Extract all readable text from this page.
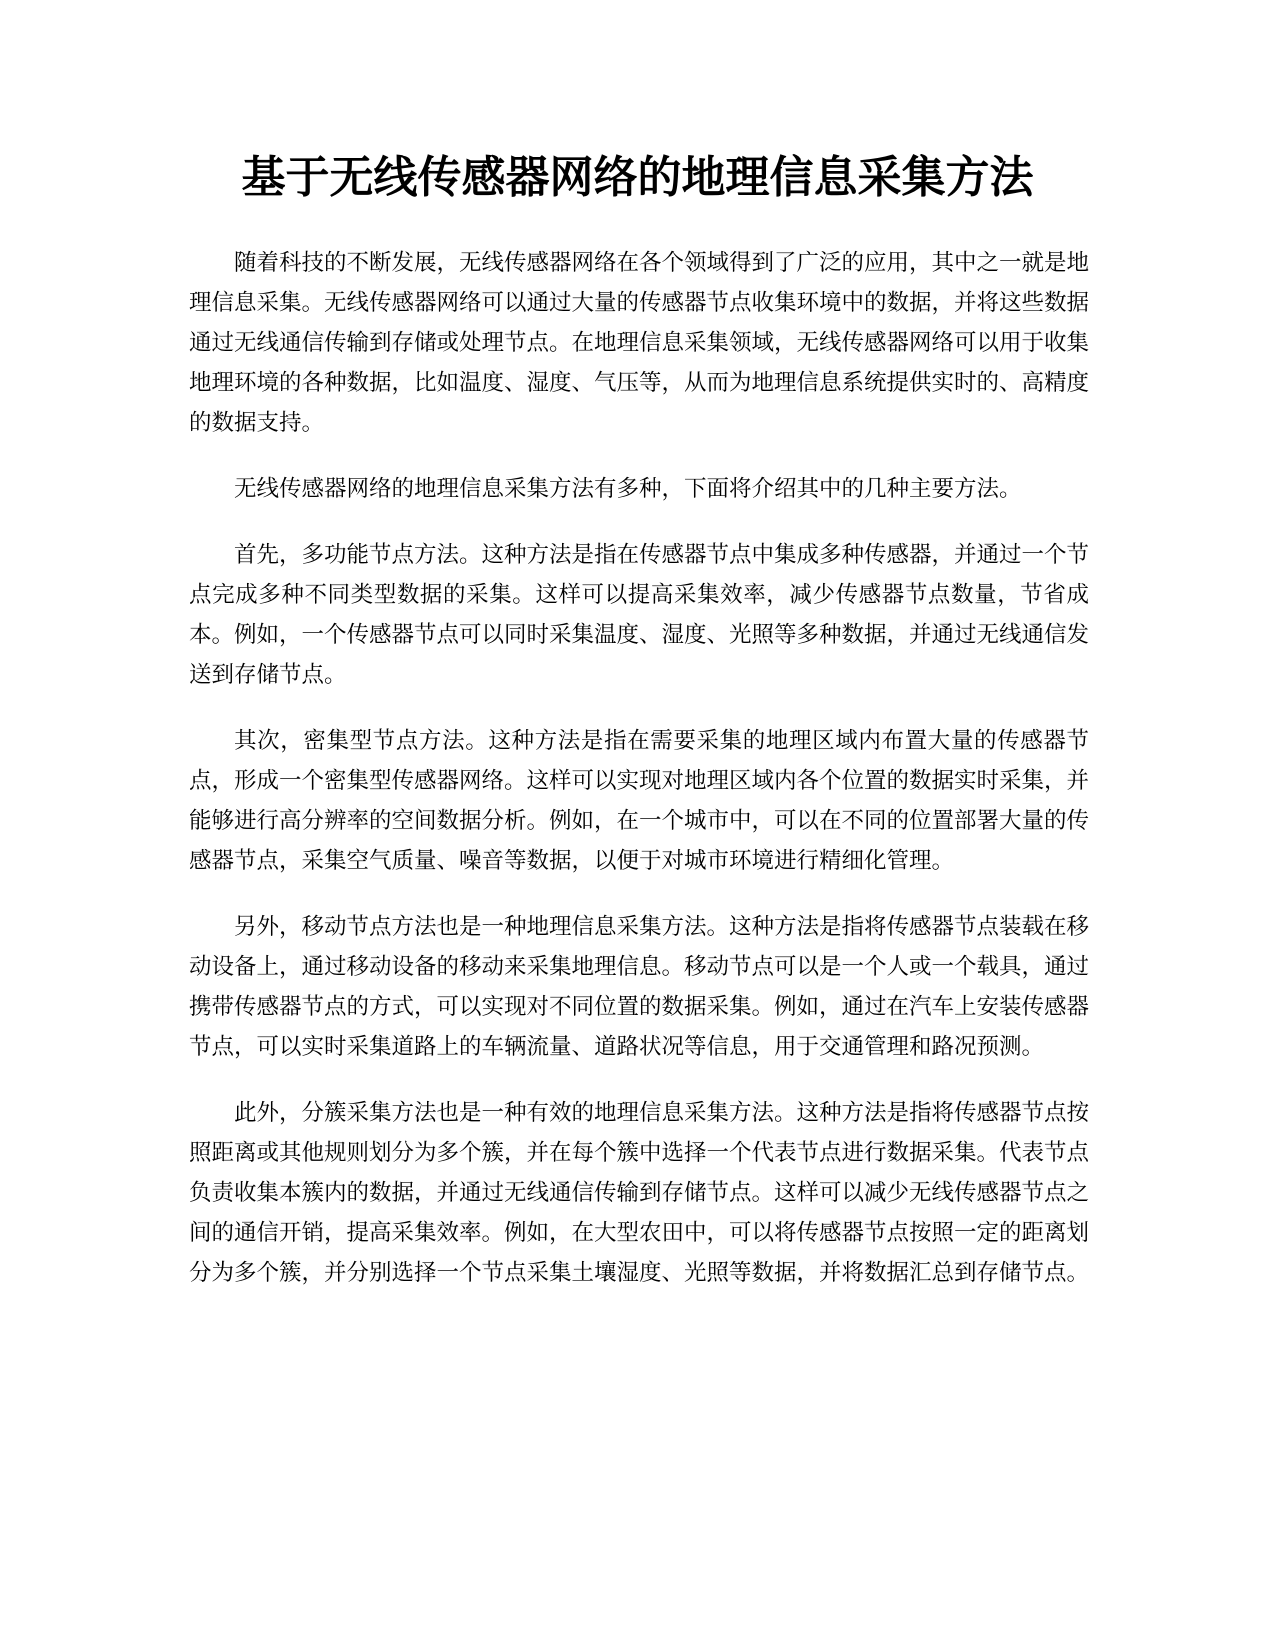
基于无线传感器网络的地理信息采集方法

随着科技的不断发展，无线传感器网络在各个领域得到了广泛的应用，其中之一就是地理信息采集。无线传感器网络可以通过大量的传感器节点收集环境中的数据，并将这些数据通过无线通信传输到存储或处理节点。在地理信息采集领域，无线传感器网络可以用于收集地理环境的各种数据，比如温度、湿度、气压等，从而为地理信息系统提供实时的、高精度的数据支持。

无线传感器网络的地理信息采集方法有多种，下面将介绍其中的几种主要方法。

首先，多功能节点方法。这种方法是指在传感器节点中集成多种传感器，并通过一个节点完成多种不同类型数据的采集。这样可以提高采集效率，减少传感器节点数量，节省成本。例如，一个传感器节点可以同时采集温度、湿度、光照等多种数据，并通过无线通信发送到存储节点。

其次，密集型节点方法。这种方法是指在需要采集的地理区域内布置大量的传感器节点，形成一个密集型传感器网络。这样可以实现对地理区域内各个位置的数据实时采集，并能够进行高分辨率的空间数据分析。例如，在一个城市中，可以在不同的位置部署大量的传感器节点，采集空气质量、噪音等数据，以便于对城市环境进行精细化管理。

另外，移动节点方法也是一种地理信息采集方法。这种方法是指将传感器节点装载在移动设备上，通过移动设备的移动来采集地理信息。移动节点可以是一个人或一个载具，通过携带传感器节点的方式，可以实现对不同位置的数据采集。例如，通过在汽车上安装传感器节点，可以实时采集道路上的车辆流量、道路状况等信息，用于交通管理和路况预测。

此外，分簇采集方法也是一种有效的地理信息采集方法。这种方法是指将传感器节点按照距离或其他规则划分为多个簇，并在每个簇中选择一个代表节点进行数据采集。代表节点负责收集本簇内的数据，并通过无线通信传输到存储节点。这样可以减少无线传感器节点之间的通信开销，提高采集效率。例如，在大型农田中，可以将传感器节点按照一定的距离划分为多个簇，并分别选择一个节点采集土壤湿度、光照等数据，并将数据汇总到存储节点。
